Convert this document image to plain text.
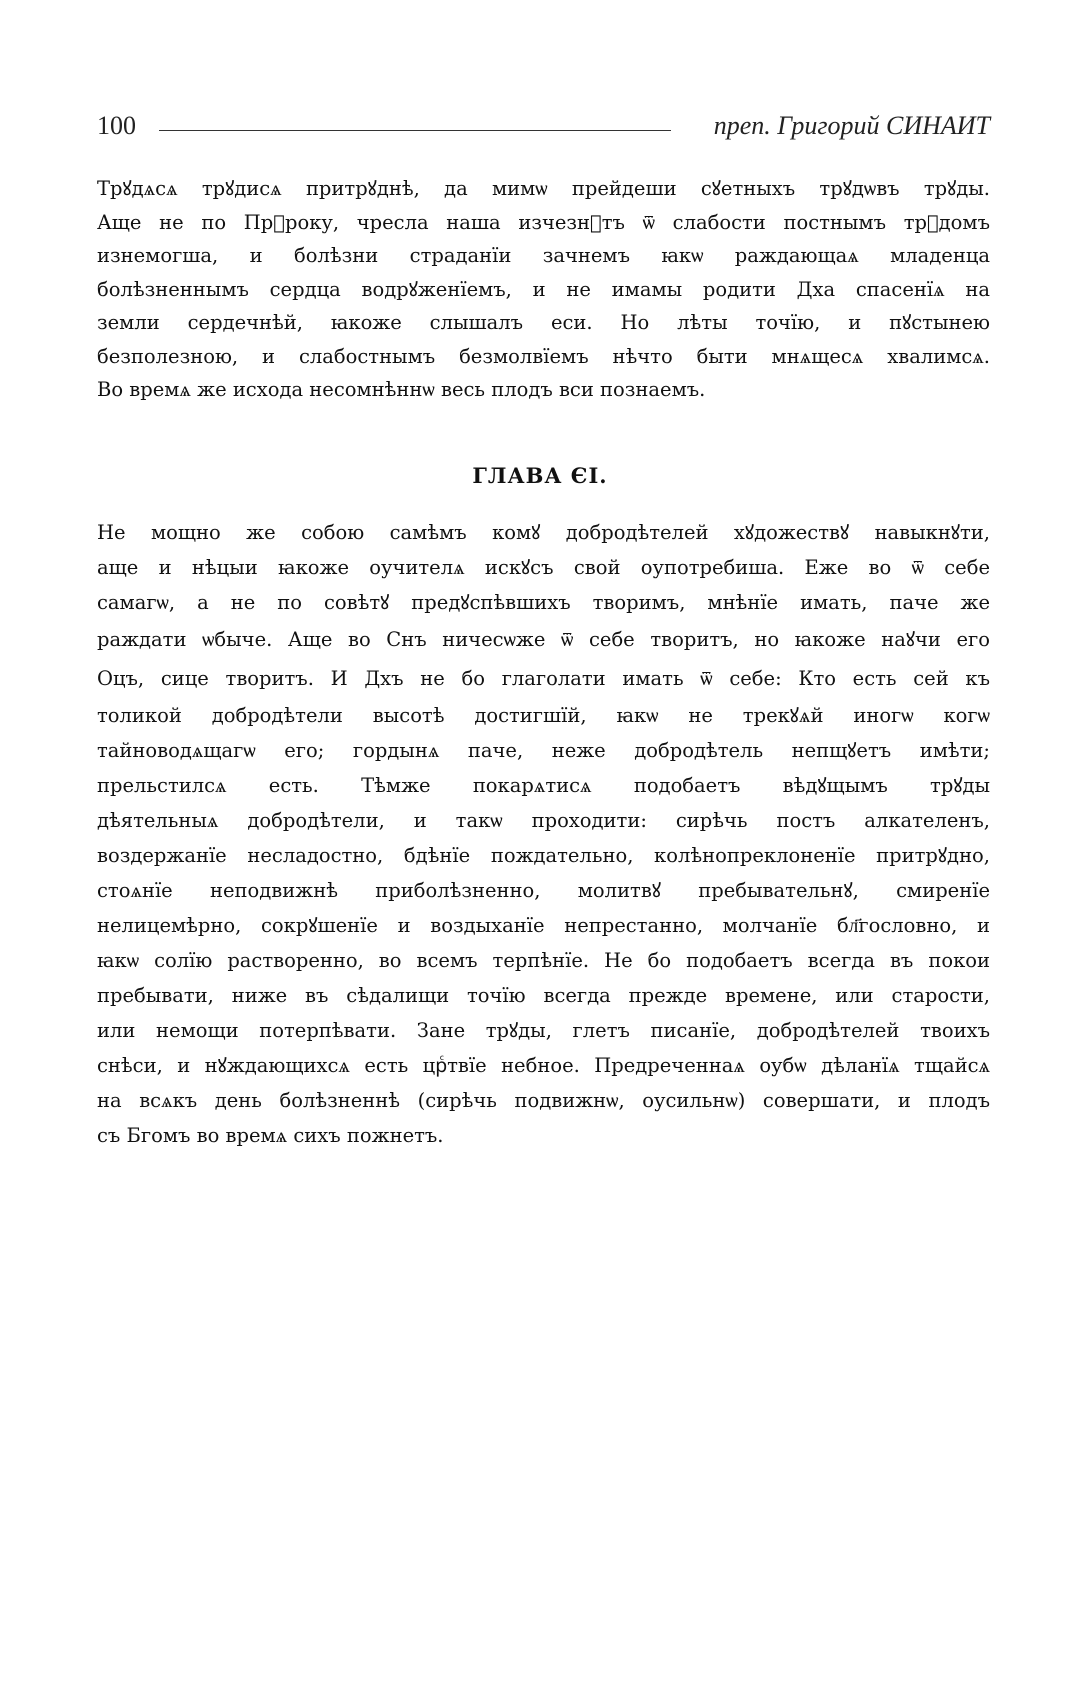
100	преп. Григорий СИНАИТ
Трꙋдѧсѧ трꙋдисѧ притрꙋднѣ, да мимѡ прейдеши сꙋетныхъ трꙋдѡвъ трꙋды.
Аще не по Прⷪроку, чресла наша изчезнꙋтъ ѿ слабости постнымъ трꙋдомъ
изнемогша, и болѣзни страданїи зачнемъ ꙗкѡ раждающаѧ младенца
болѣзненнымъ сердца водрꙋженїемъ, и не имамы родити Дха спасенїѧ на
земли сердечнѣй, ꙗкоже слышалъ еси. Но лѣты точїю, и пꙋстынею
безполезною, и слабостнымъ безмолвїемъ нѣчто быти мнѧщесѧ хвалимсѧ.
Во времѧ же исхода несомнѣннѡ весь плодъ вси познаемъ.
ГЛАВА ЄІ.
Не мощно же собою самѣмъ комꙋ добродѣтелей хꙋдожествꙋ навыкнꙋти,
аще и нѣцыи ꙗкоже оучителѧ искꙋсъ свой оупотребиша. Еже во ѿ себе
самагѡ, а не по совѣтꙋ предꙋспѣвшихъ творимъ, мнѣнїе имать, паче же
раждати ѡбыче. Аще во Снъ ничесѡже ѿ себе творитъ, но ꙗкоже наꙋчи его
Оцъ, сице творитъ. И Дхъ не бо глаголати имать ѿ себе: Кто есть сей къ
толикой добродѣтели высотѣ достигшїй, ꙗкѡ не трекꙋѧй иногѡ когѡ
тайноводѧщагѡ его; гордынѧ паче, неже добродѣтель непщꙋетъ имѣти;
прельстилсѧ есть. Тѣмже покарѧтисѧ подобаетъ вѣдꙋщымъ трꙋды
дѣятельныѧ добродѣтели, и такѡ проходити: сирѣчь постъ алкателенъ,
воздержанїе несладостно, бдѣнїе пождательно, колѣнопреклоненїе притрꙋдно,
стоѧнїе неподвижнѣ приболѣзненно, молитвꙋ пребывательнꙋ, смиренїе
нелицемѣрно, сокрꙋшенїе и воздыханїе непрестанно, молчанїе бл҃гословно, и
ꙗкѡ солїю растворенно, во всемъ терпѣнїе. Не бо подобаетъ всегда въ покои
пребывати, ниже въ сѣдалищи точїю всегда прежде времене, или старости,
или немощи потерпѣвати. Зане трꙋды, глетъ писанїе, добродѣтелей твоихъ
снѣси, и нꙋждающихсѧ есть црⷭтвїе небное. Предреченнаѧ оубѡ дѣланїѧ тщайсѧ
на всѧкъ день болѣзненнѣ (сирѣчь подвижнѡ, оусильнѡ) совершати, и плодъ
съ Бгомъ во времѧ сихъ пожнетъ.
